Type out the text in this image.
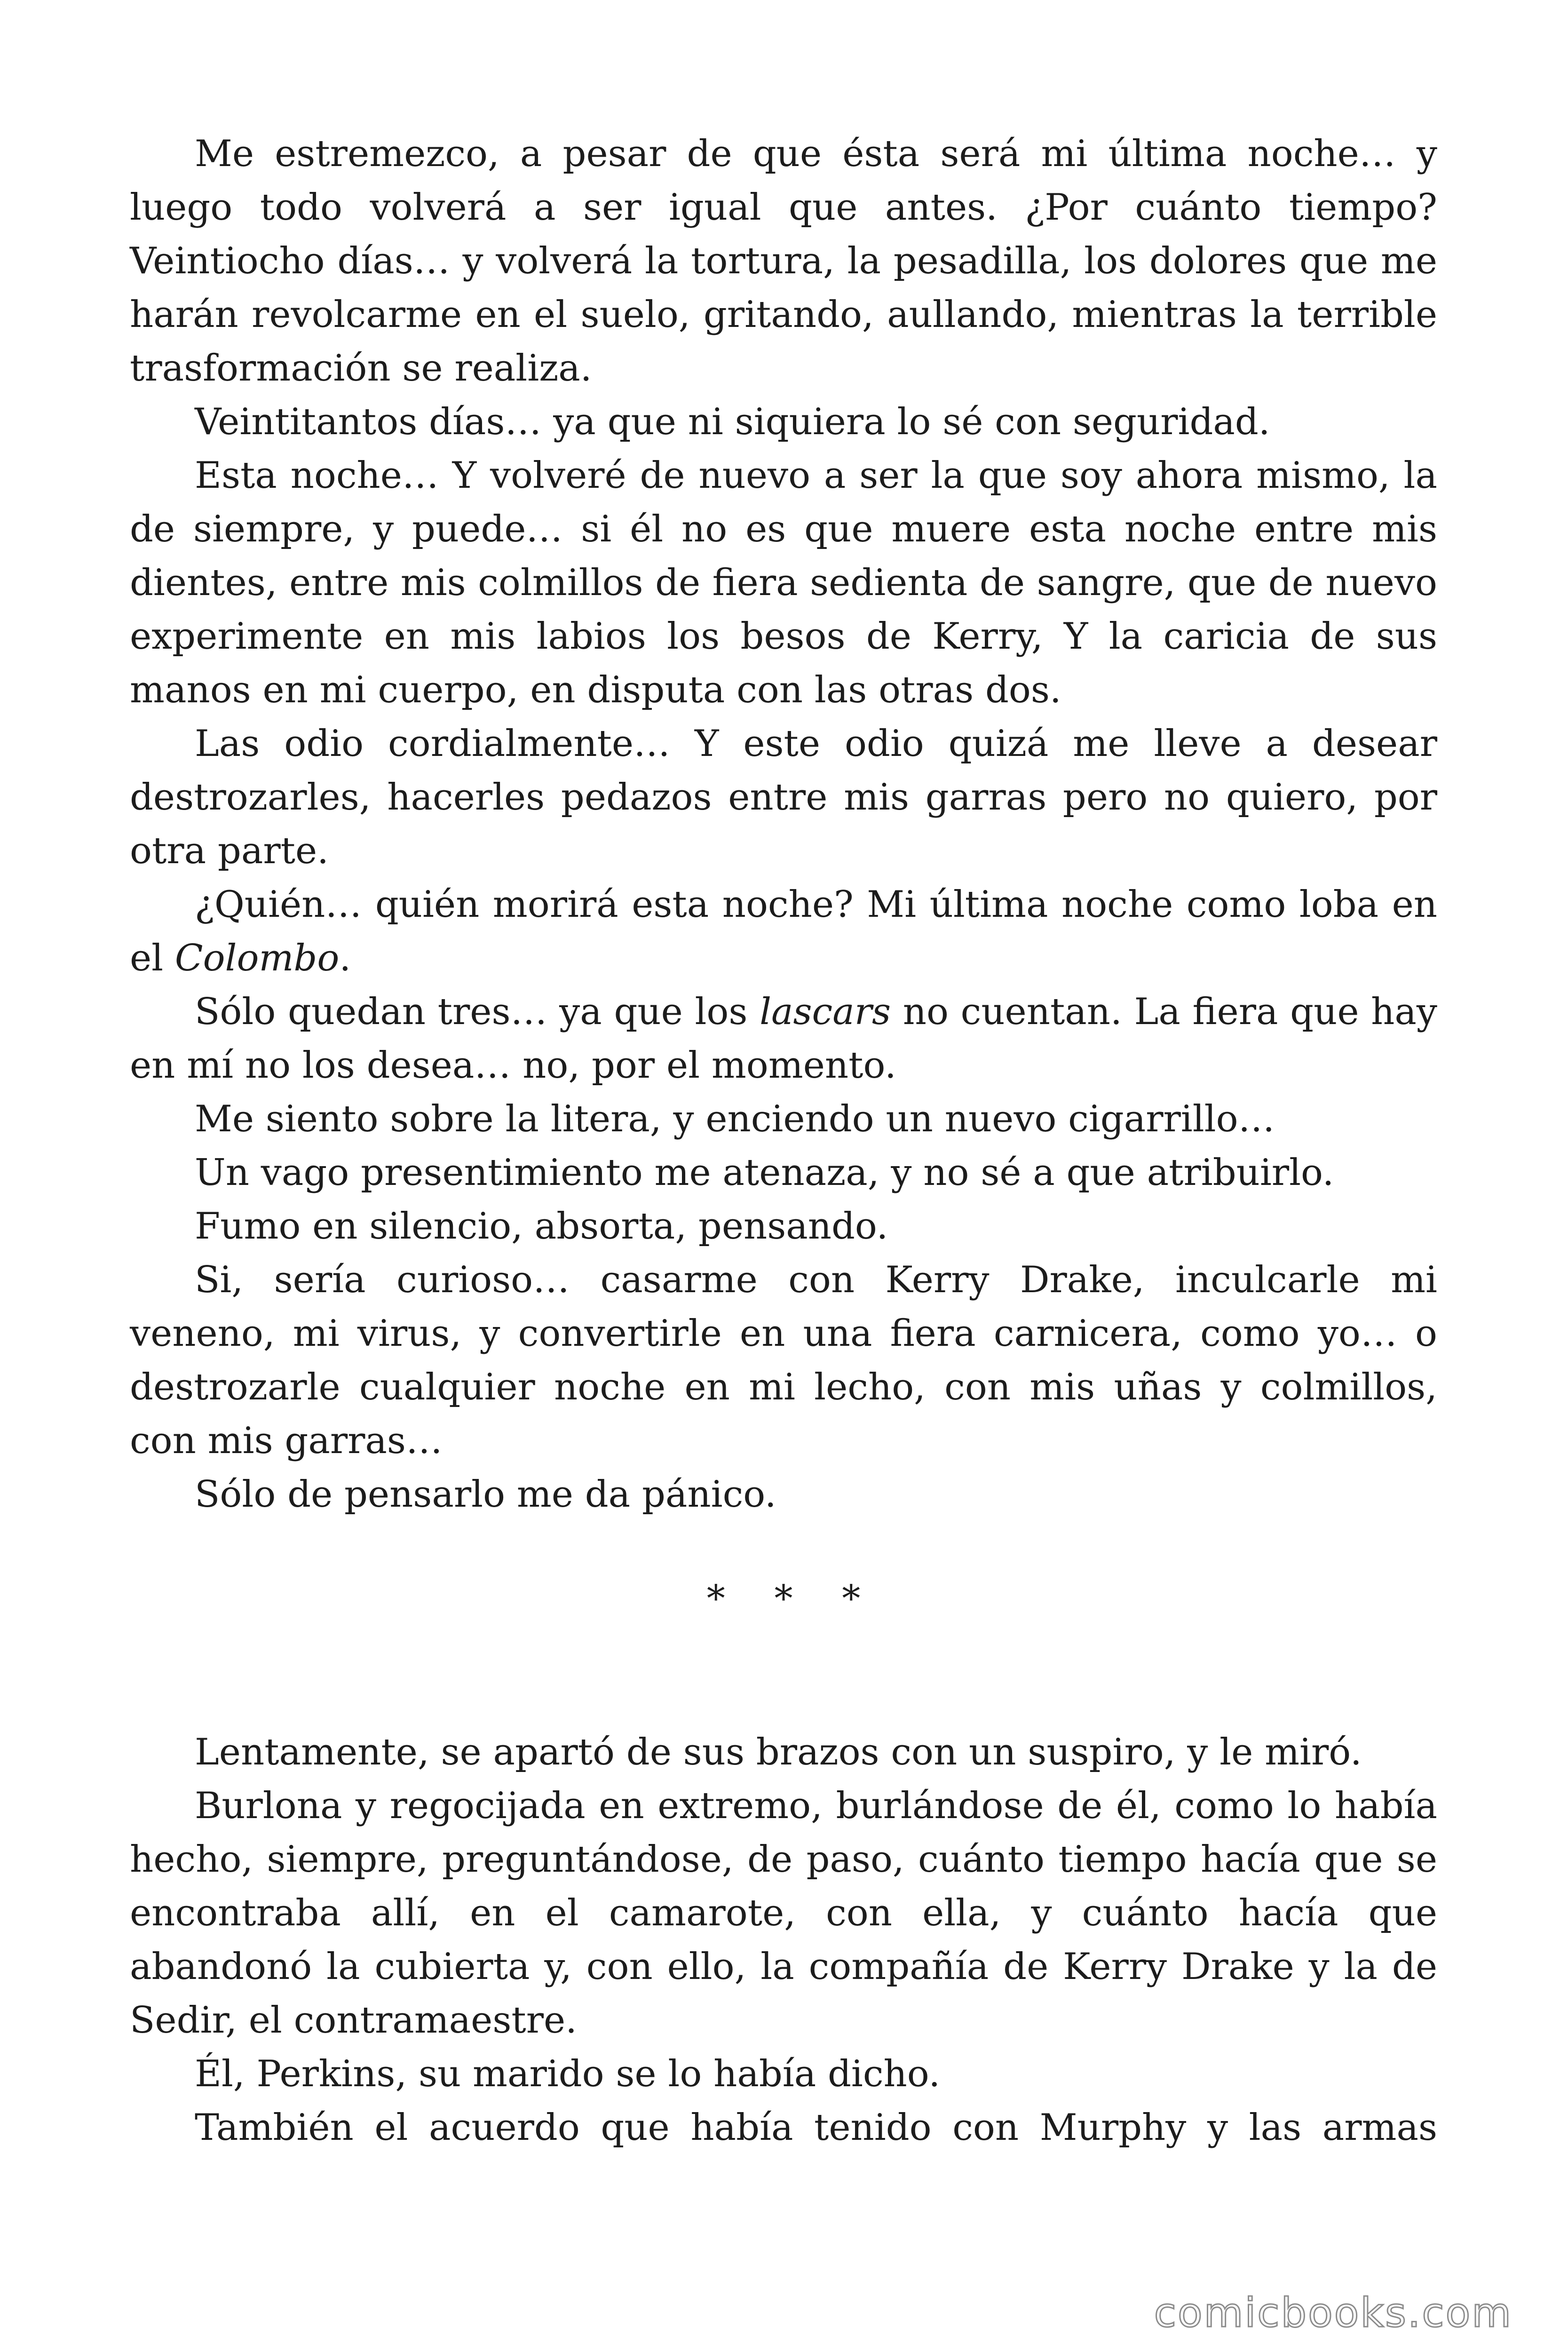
Me estremezco, a pesar de que ésta será mi última noche… y luego todo volverá a ser igual que antes. ¿Por cuánto tiempo? Veintiocho días… y volverá la tortura, la pesadilla, los dolores que me harán revolcarme en el suelo, gritando, aullando, mientras la terrible trasformación se realiza.

Veintitantos días… ya que ni siquiera lo sé con seguridad.

Esta noche… Y volveré de nuevo a ser la que soy ahora mismo, la de siempre, y puede… si él no es que muere esta noche entre mis dientes, entre mis colmillos de fiera sedienta de sangre, que de nuevo experimente en mis labios los besos de Kerry, Y la caricia de sus manos en mi cuerpo, en disputa con las otras dos.

Las odio cordialmente… Y este odio quizá me lleve a desear destrozarles, hacerles pedazos entre mis garras pero no quiero, por otra parte.

¿Quién… quién morirá esta noche? Mi última noche como loba en el Colombo.

Sólo quedan tres… ya que los lascars no cuentan. La fiera que hay en mí no los desea… no, por el momento.

Me siento sobre la litera, y enciendo un nuevo cigarrillo…

Un vago presentimiento me atenaza, y no sé a que atribuirlo.

Fumo en silencio, absorta, pensando.

Si, sería curioso… casarme con Kerry Drake, inculcarle mi veneno, mi virus, y convertirle en una fiera carnicera, como yo… o destrozarle cualquier noche en mi lecho, con mis uñas y colmillos, con mis garras…

Sólo de pensarlo me da pánico.

* * *

Lentamente, se apartó de sus brazos con un suspiro, y le miró.

Burlona y regocijada en extremo, burlándose de él, como lo había hecho, siempre, preguntándose, de paso, cuánto tiempo hacía que se encontraba allí, en el camarote, con ella, y cuánto hacía que abandonó la cubierta y, con ello, la compañía de Kerry Drake y la de Sedir, el contramaestre.

Él, Perkins, su marido se lo había dicho.

También el acuerdo que había tenido con Murphy y las armas

comicbooks.com
